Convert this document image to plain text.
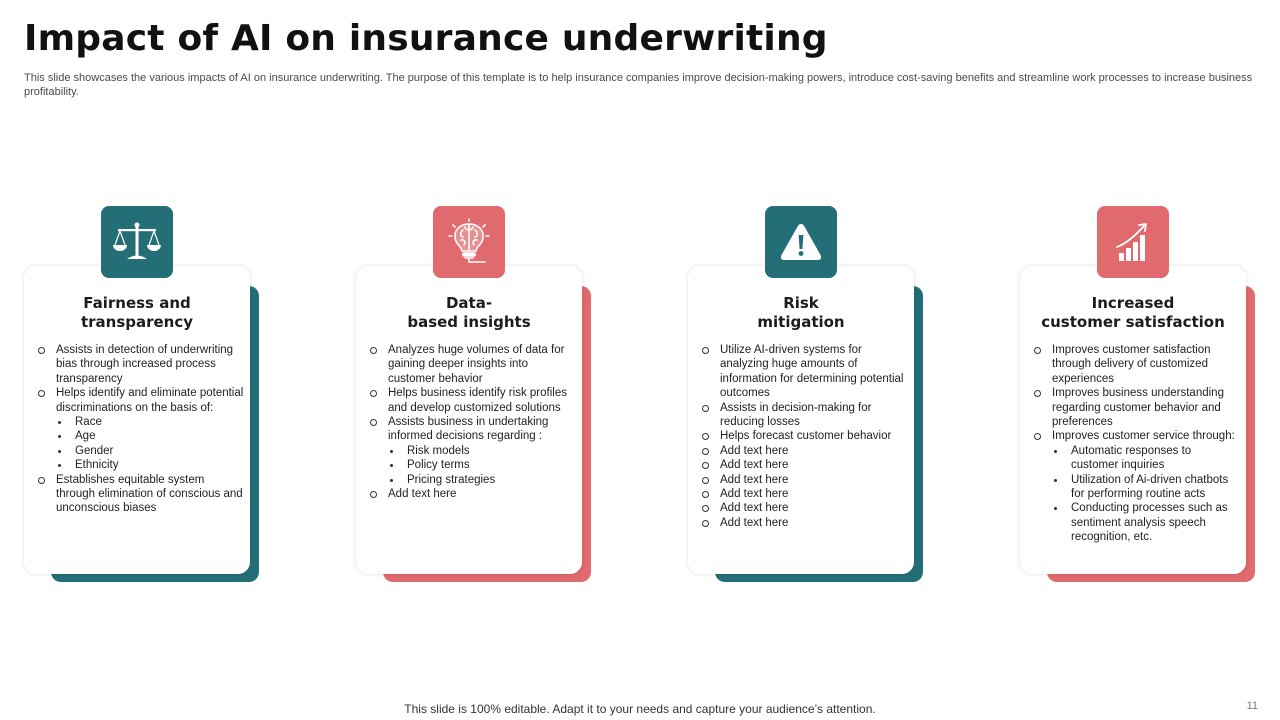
Impact of AI on insurance underwriting
This slide showcases the various impacts of AI on insurance underwriting. The purpose of this template is to help insurance companies improve decision-making powers, introduce cost-saving benefits and streamline work processes to increase business profitability.
Fairness and
transparency
Assists in detection of underwriting bias through increased process transparency
Helps identify and eliminate potential discriminations on the basis of:
Race
Age
Gender
Ethnicity
Establishes equitable system through elimination of conscious and unconscious biases
Data-
based insights
Analyzes huge volumes of data for gaining deeper insights into customer behavior
Helps business identify risk profiles and develop customized solutions
Assists business in undertaking informed decisions regarding :
Risk models
Policy terms
Pricing strategies
Add text here
Risk
mitigation
Utilize AI-driven systems for analyzing huge amounts of information for determining potential outcomes
Assists in decision-making for reducing losses
Helps forecast customer behavior
Add text here
Add text here
Add text here
Add text here
Add text here
Add text here
Increased
customer satisfaction
Improves customer satisfaction through delivery of customized experiences
Improves business understanding regarding customer behavior and preferences
Improves customer service through:
Automatic responses to customer inquiries
Utilization of Ai-driven chatbots for performing routine acts
Conducting processes such as sentiment analysis speech recognition, etc.
This slide is 100% editable. Adapt it to your needs and capture your audience’s attention.	11
